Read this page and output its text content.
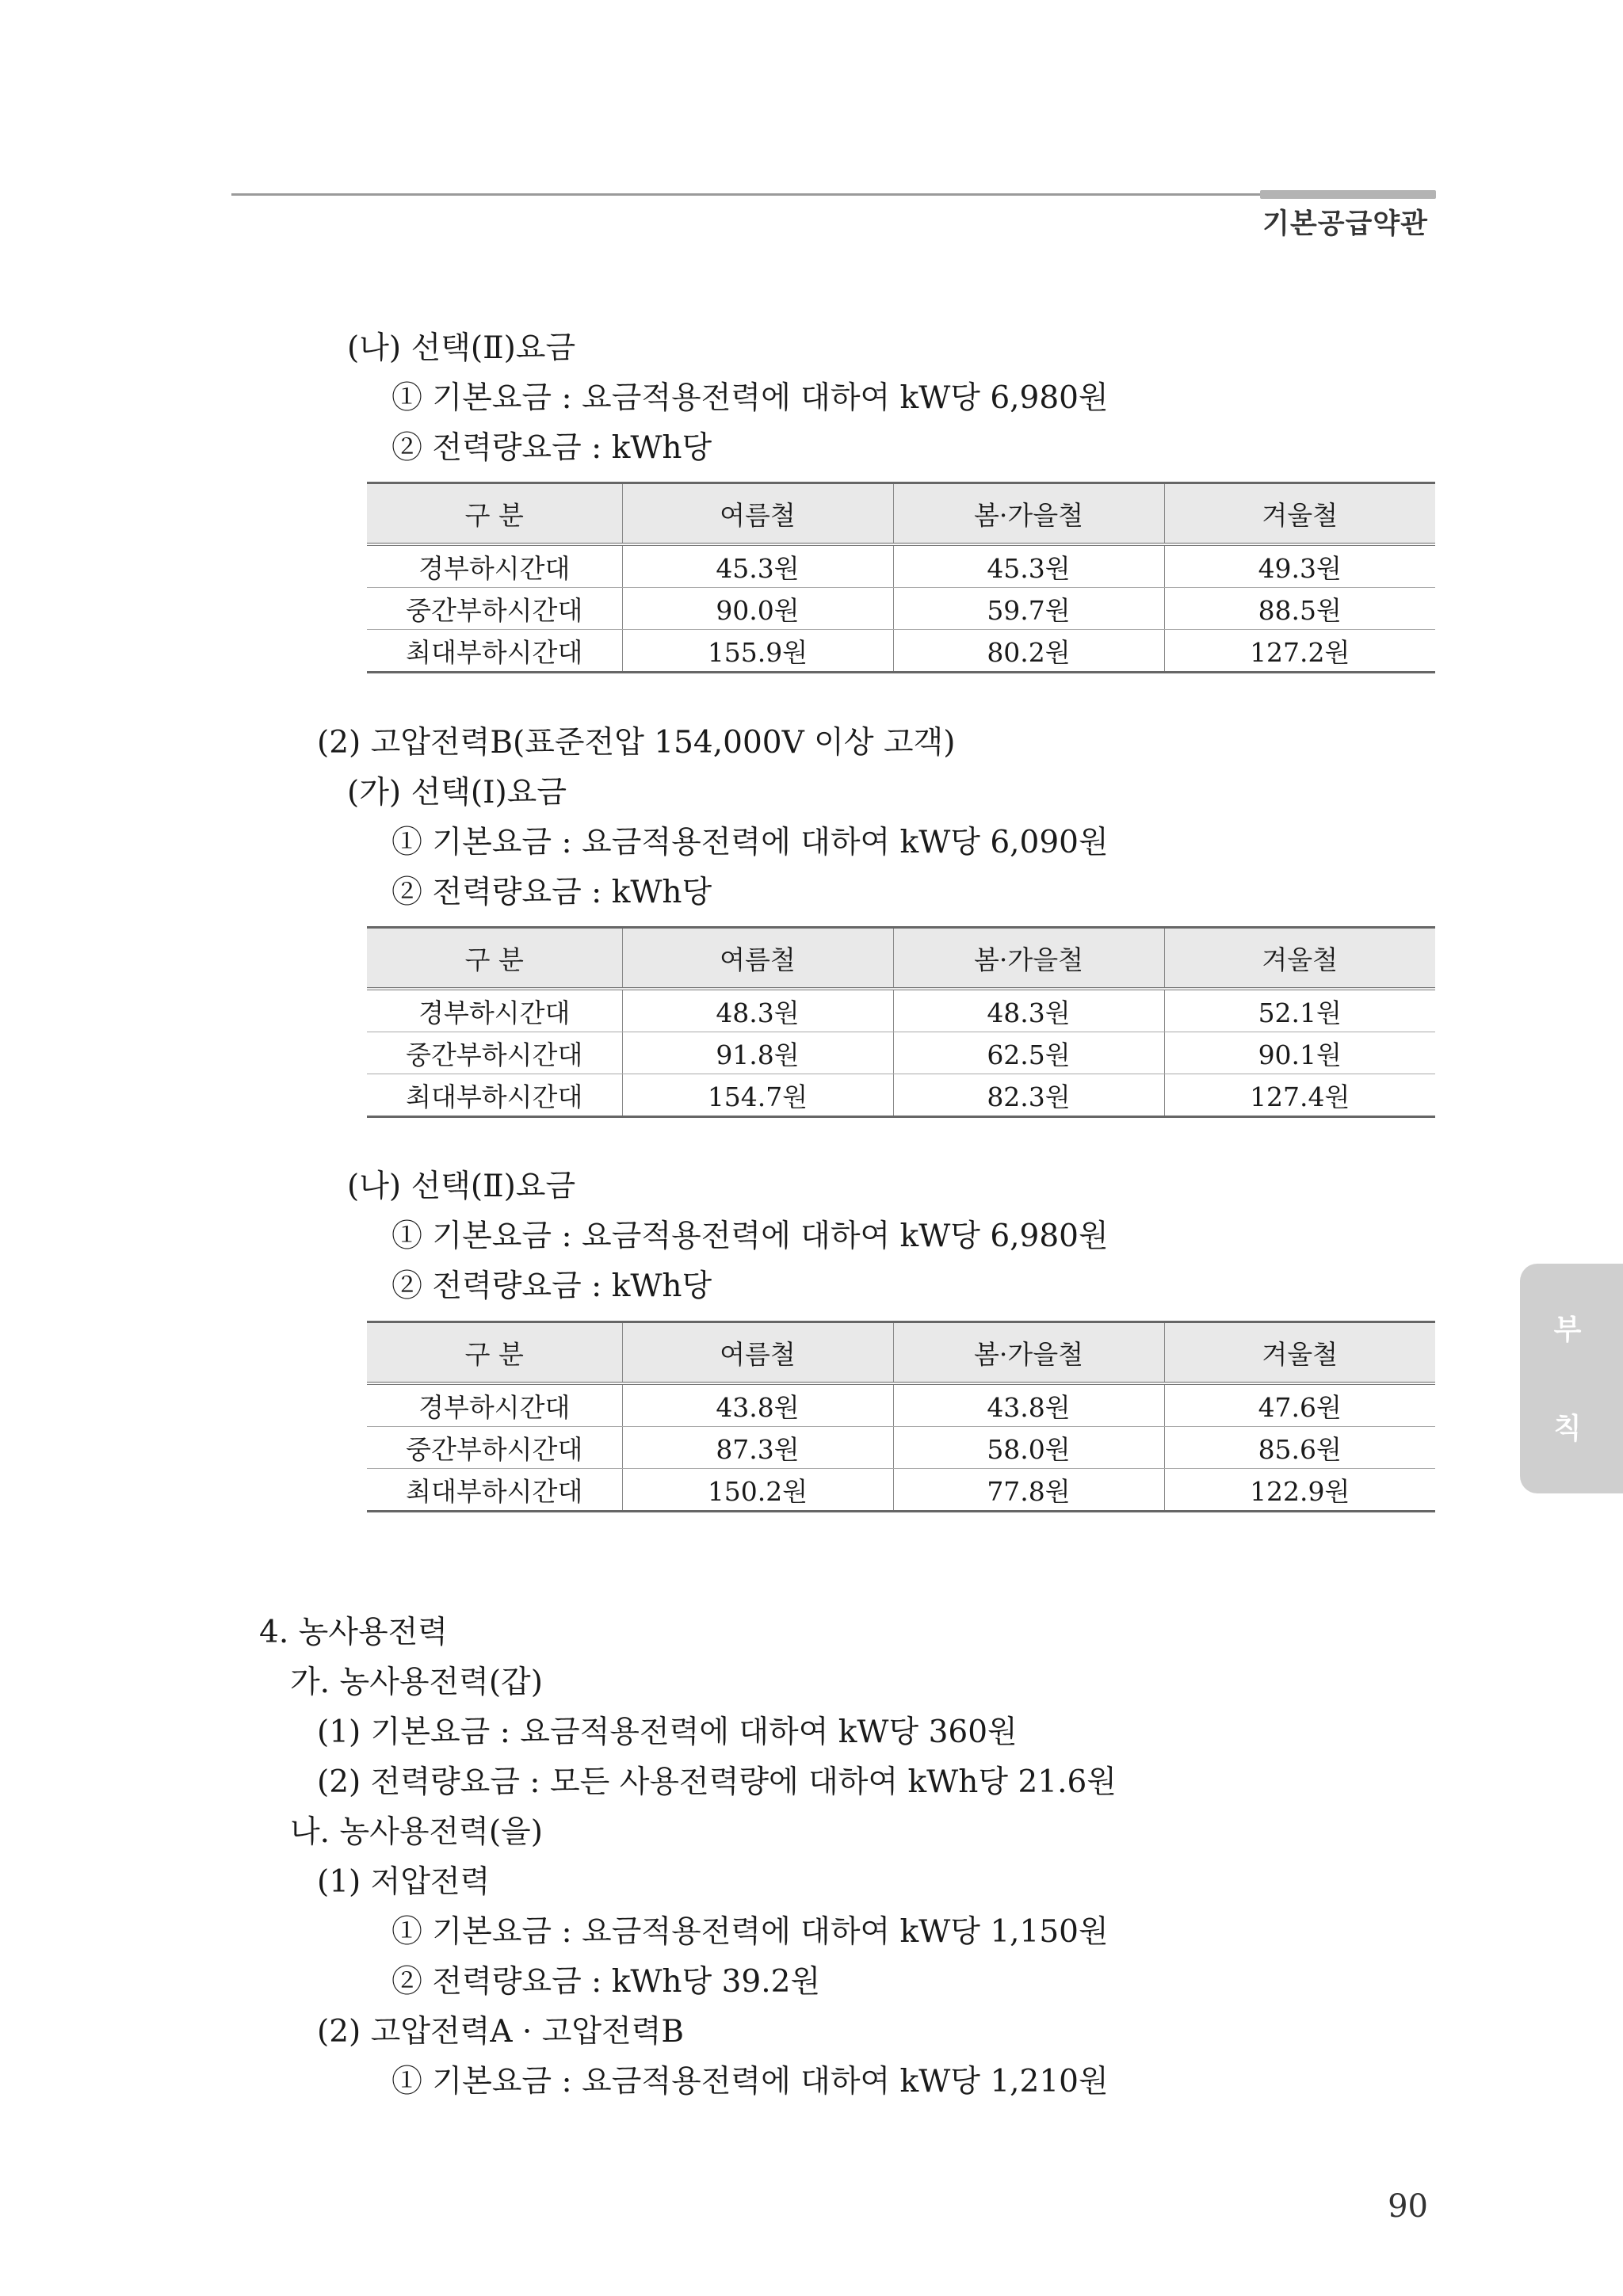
기본공급약관
(나) 선택(Ⅱ)요금
① 기본요금 : 요금적용전력에 대하여 kW당 6,980원
② 전력량요금 : kWh당
구 분	여름철	봄·가을철	겨울철
경부하시간대	45.3원	45.3원	49.3원
중간부하시간대	90.0원	59.7원	88.5원
최대부하시간대	155.9원	80.2원	127.2원
(2) 고압전력B(표준전압 154,000V 이상 고객)
(가) 선택(Ⅰ)요금
① 기본요금 : 요금적용전력에 대하여 kW당 6,090원
② 전력량요금 : kWh당
구 분	여름철	봄·가을철	겨울철
경부하시간대	48.3원	48.3원	52.1원
중간부하시간대	91.8원	62.5원	90.1원
최대부하시간대	154.7원	82.3원	127.4원
(나) 선택(Ⅱ)요금
① 기본요금 : 요금적용전력에 대하여 kW당 6,980원
② 전력량요금 : kWh당
구 분	여름철	봄·가을철	겨울철
경부하시간대	43.8원	43.8원	47.6원
중간부하시간대	87.3원	58.0원	85.6원
최대부하시간대	150.2원	77.8원	122.9원
4. 농사용전력
가. 농사용전력(갑)
(1) 기본요금 : 요금적용전력에 대하여 kW당 360원
(2) 전력량요금 : 모든 사용전력량에 대하여 kWh당 21.6원
나. 농사용전력(을)
(1) 저압전력
① 기본요금 : 요금적용전력에 대하여 kW당 1,150원
② 전력량요금 : kWh당 39.2원
(2) 고압전력A · 고압전력B
① 기본요금 : 요금적용전력에 대하여 kW당 1,210원
부
칙
90
